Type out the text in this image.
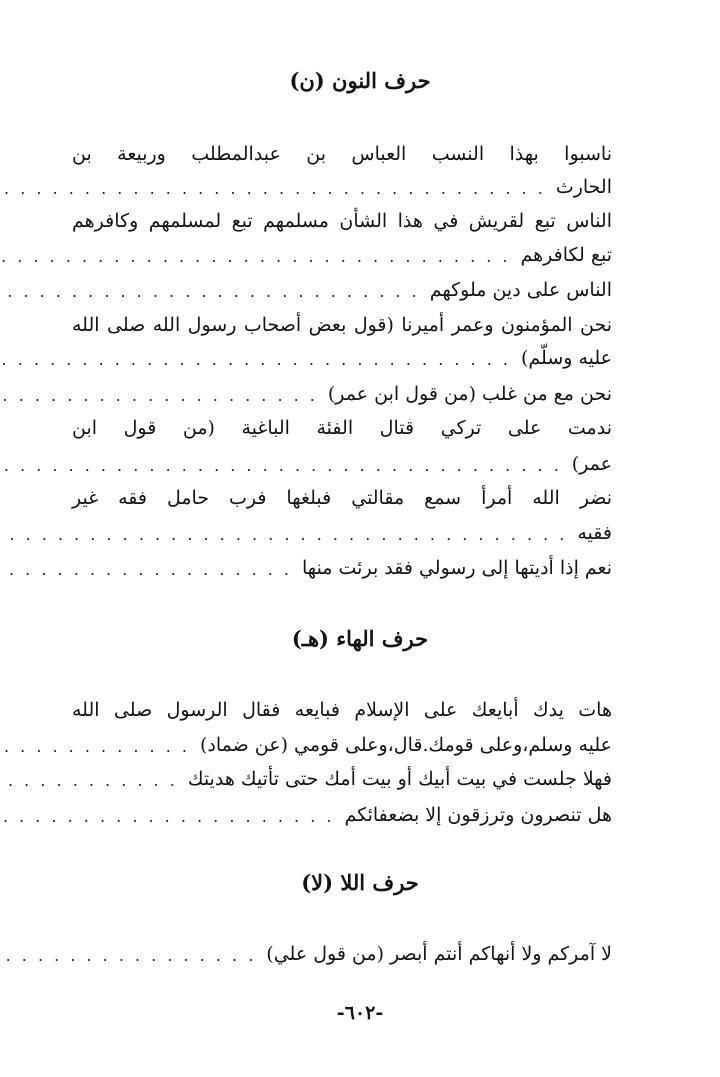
حرف النون (ن)
ناسبوا بهذا النسب العباس بن عبدالمطلب وربيعة بن
الحارث
. . .
الناس تبع لقريش في هذا الشأن مسلمهم تبع لمسلمهم وكافرهم
تبع لكافرهم
. . .
الناس على دين ملوكهم
. . .
نحن المؤمنون وعمر أميرنا (قول بعض أصحاب رسول الله صلى الله
عليه وسلّم)
. . .
نحن مع من غلب (من قول ابن عمر)
. . .
ندمت على تركي قتال الفئة الباغية (من قول ابن
عمر)
. . .
نضر الله أمرأ سمع مقالتي فبلغها فرب حامل فقه غير
فقيه
. . .
نعم إذا أديتها إلى رسولي فقد برئت منها
. . .
حرف الهاء (هـ)
هات يدك أبايعك على الإسلام فبايعه فقال الرسول صلى الله
عليه وسلم،وعلى قومك.قال،وعلى قومي (عن ضماد)
. . .
فهلا جلست في بيت أبيك أو بيت أمك حتى تأتيك هديتك
. . .
هل تنصرون وترزقون إلا بضعفائكم
. . .
حرف اللا (لا)
لا آمركم ولا أنهاكم أنتم أبصر (من قول علي)
. . .
-٦٠٢-
